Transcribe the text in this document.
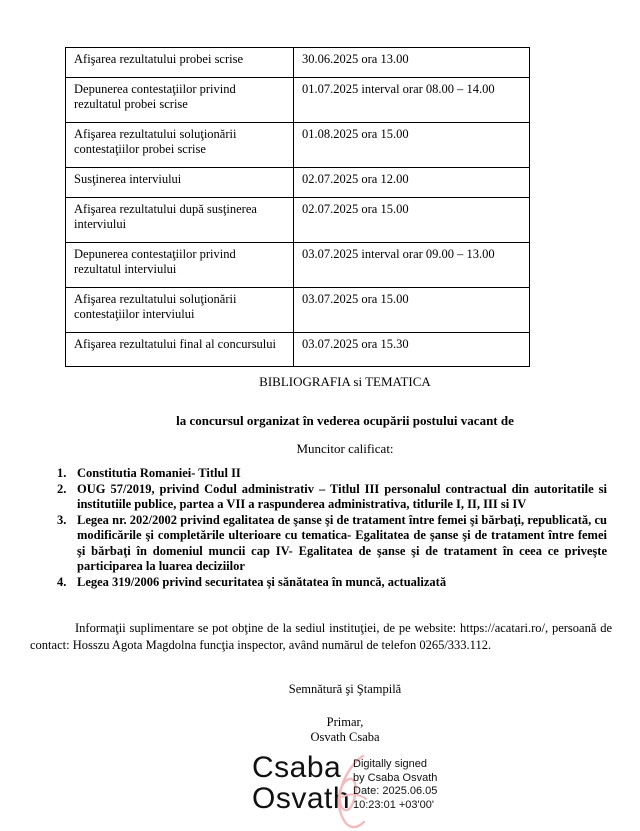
Afişarea rezultatului probei scrise	30.06.2025 ora 13.00
Depunerea contestaţiilor privind rezultatul probei scrise	01.07.2025 interval orar 08.00 – 14.00
Afişarea rezultatului soluţionării contestaţiilor probei scrise	01.08.2025 ora 15.00
Susţinerea interviului	02.07.2025 ora 12.00
Afişarea rezultatului după susţinerea interviului	02.07.2025 ora 15.00
Depunerea contestaţiilor privind rezultatul interviului	03.07.2025 interval orar 09.00 – 13.00
Afişarea rezultatului soluţionării contestaţiilor interviului	03.07.2025 ora 15.00
Afişarea rezultatului final al concursului	03.07.2025 ora 15.30
BIBLIOGRAFIA si TEMATICA
la concursul organizat în vederea ocupării postului vacant de
Muncitor calificat:
Constitutia Romaniei- Titlul II
OUG 57/2019, privind Codul administrativ – Titlul III personalul contractual din autoritatile si institutiile publice, partea a VII a raspunderea administrativa, titlurile I, II, III si IV
Legea nr. 202/2002 privind egalitatea de şanse şi de tratament între femei şi bărbaţi, republicată, cu modificările şi completările ulterioare cu tematica- Egalitatea de şanse şi de tratament între femei şi bărbaţi în domeniul muncii cap IV- Egalitatea de şanse şi de tratament în ceea ce priveşte participarea la luarea deciziilor
Legea 319/2006 privind securitatea şi sănătatea în muncă, actualizată

Informaţii suplimentare se pot obţine de la sediul instituţiei, de pe website: https://acatari.ro/, persoană de contact: Hosszu Agota Magdolna funcţia inspector, având numărul de telefon 0265/333.112.

Semnătură şi Ştampilă
Primar,
Osvath Csaba
Csaba
Osvath
Digitally signed
by Csaba Osvath
Date: 2025.06.05
10:23:01 +03'00'
